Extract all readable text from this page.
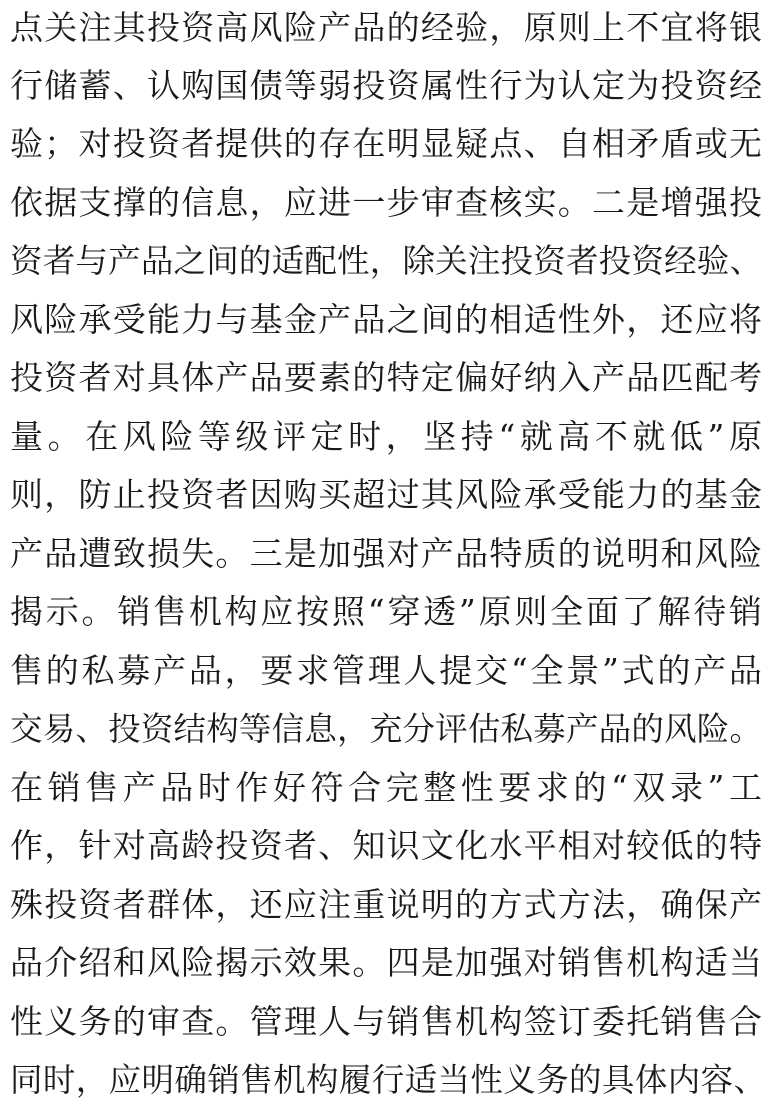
点关注其投资高风险产品的经验，原则上不宜将银
行储蓄、认购国债等弱投资属性行为认定为投资经
验；对投资者提供的存在明显疑点、自相矛盾或无
依据支撑的信息，应进一步审查核实。二是增强投
资者与产品之间的适配性，除关注投资者投资经验、
风险承受能力与基金产品之间的相适性外，还应将
投资者对具体产品要素的特定偏好纳入产品匹配考
量。在风险等级评定时，坚持“就高不就低”原
则，防止投资者因购买超过其风险承受能力的基金
产品遭致损失。三是加强对产品特质的说明和风险
揭示。销售机构应按照“穿透”原则全面了解待销
售的私募产品，要求管理人提交“全景”式的产品
交易、投资结构等信息，充分评估私募产品的风险。
在销售产品时作好符合完整性要求的“双录”工
作，针对高龄投资者、知识文化水平相对较低的特
殊投资者群体，还应注重说明的方式方法，确保产
品介绍和风险揭示效果。四是加强对销售机构适当
性义务的审查。管理人与销售机构签订委托销售合
同时，应明确销售机构履行适当性义务的具体内容、
